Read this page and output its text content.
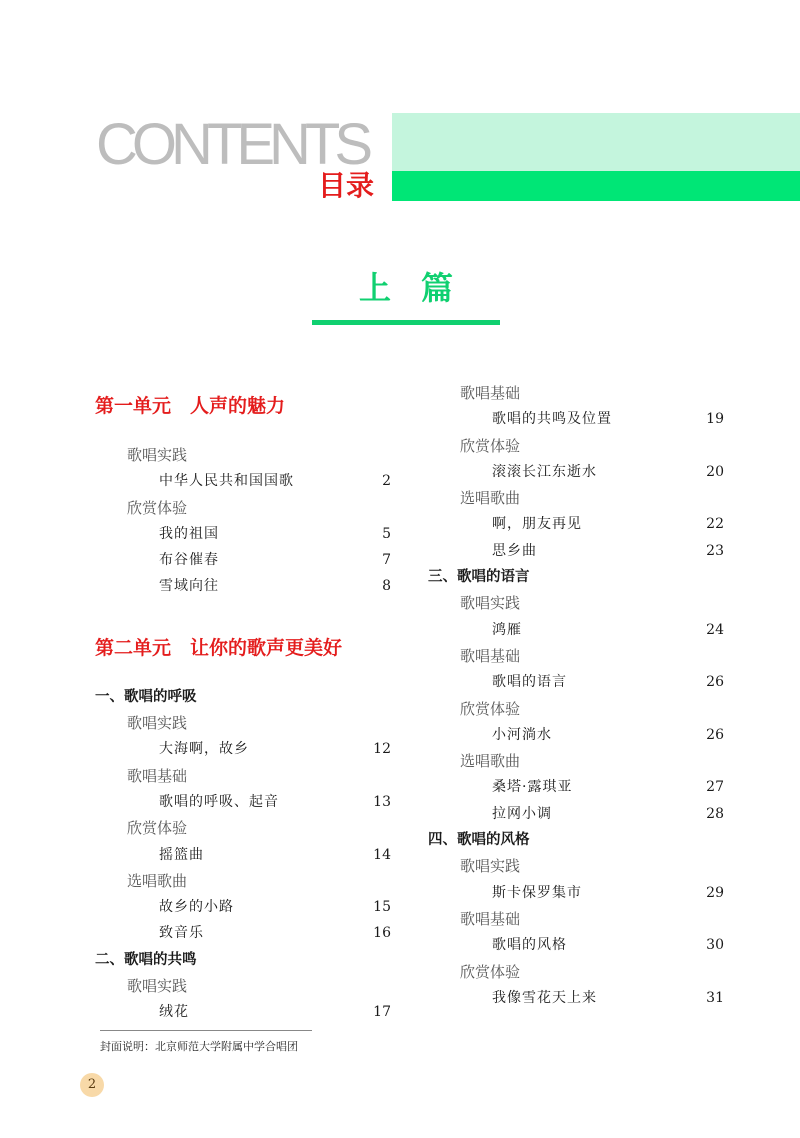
CONTENTS
目录
上篇
第一单元　人声的魅力
歌唱实践
中华人民共和国国歌	2
欣赏体验
我的祖国	5
布谷催春	7
雪域向往	8
第二单元　让你的歌声更美好
一、歌唱的呼吸
歌唱实践
大海啊，故乡	12
歌唱基础
歌唱的呼吸、起音	13
欣赏体验
摇篮曲	14
选唱歌曲
故乡的小路	15
致音乐	16
二、歌唱的共鸣
歌唱实践
绒花	17
歌唱基础
歌唱的共鸣及位置	19
欣赏体验
滚滚长江东逝水	20
选唱歌曲
啊，朋友再见	22
思乡曲	23
三、歌唱的语言
歌唱实践
鸿雁	24
歌唱基础
歌唱的语言	26
欣赏体验
小河淌水	26
选唱歌曲
桑塔·露琪亚	27
拉网小调	28
四、歌唱的风格
歌唱实践
斯卡保罗集市	29
歌唱基础
歌唱的风格	30
欣赏体验
我像雪花天上来	31

封面说明：北京师范大学附属中学合唱团

2
